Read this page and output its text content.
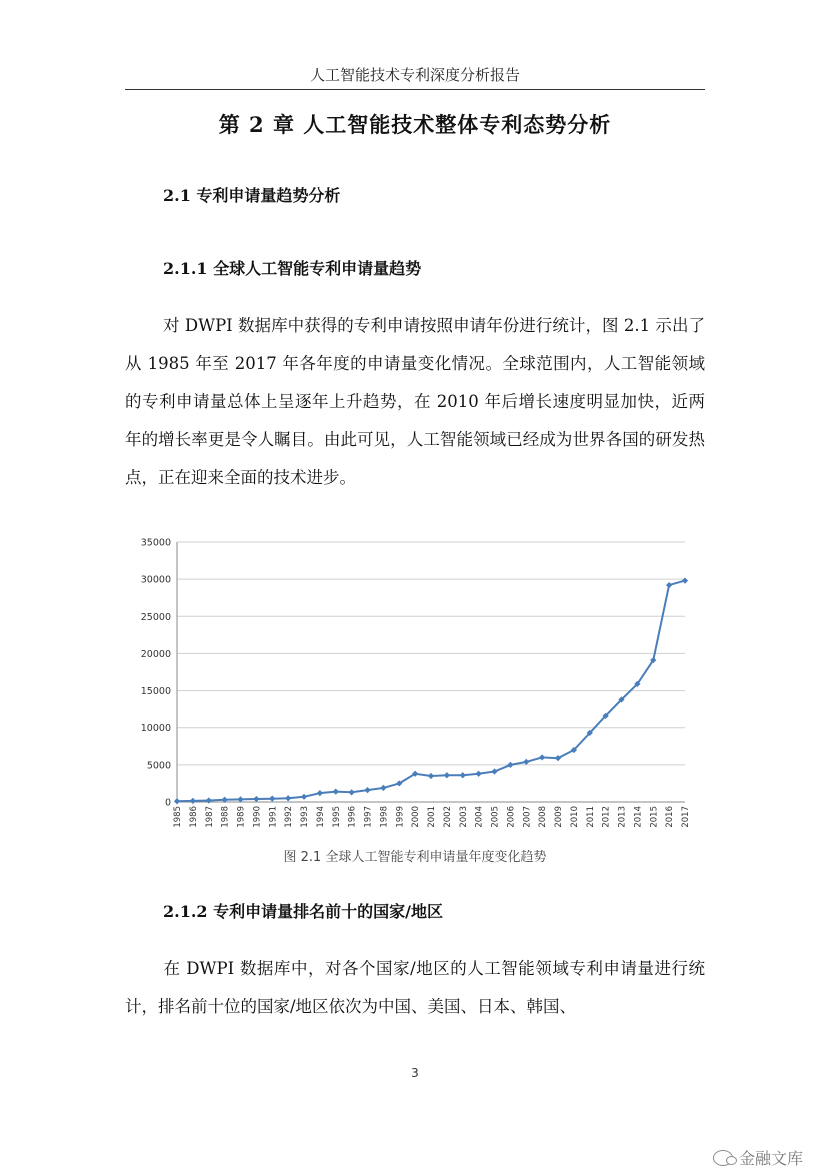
人工智能技术专利深度分析报告
第 2 章 人工智能技术整体专利态势分析
2.1 专利申请量趋势分析
2.1.1 全球人工智能专利申请量趋势
对 DWPI 数据库中获得的专利申请按照申请年份进行统计，图 2.1 示出了从 1985 年至 2017 年各年度的申请量变化情况。全球范围内，人工智能领域的专利申请量总体上呈逐年上升趋势，在 2010 年后增长速度明显加快，近两年的增长率更是令人瞩目。由此可见，人工智能领域已经成为世界各国的研发热点，正在迎来全面的技术进步。
0
5000
10000
15000
20000
25000
30000
35000
1985 1986 1987 1988 1989 1990 1991 1992 1993 1994 1995 1996 1997 1998 1999 2000 2001 2002 2003 2004 2005 2006 2007 2008 2009 2010 2011 2012 2013 2014 2015 2016 2017
图 2.1 全球人工智能专利申请量年度变化趋势
2.1.2 专利申请量排名前十的国家/地区
在 DWPI 数据库中，对各个国家/地区的人工智能领域专利申请量进行统计，排名前十位的国家/地区依次为中国、美国、日本、韩国、
3
金融文库
